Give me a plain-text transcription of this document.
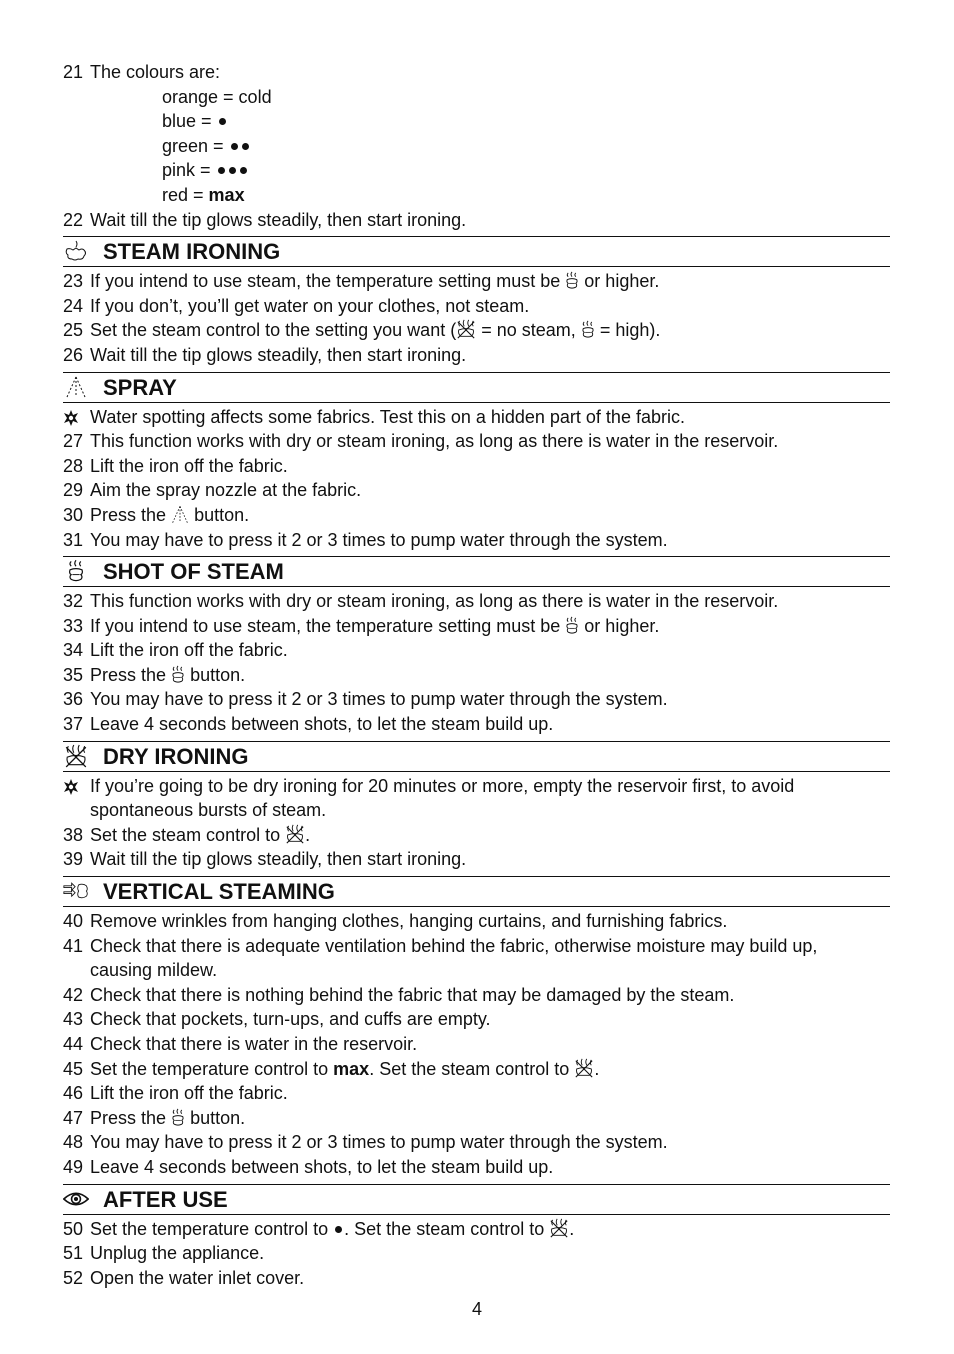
21 The colours are:
orange = cold
blue =
green =
pink =
red = max
22 Wait till the tip glows steadily, then start ironing.
STEAM IRONING
23 If you intend to use steam, the temperature setting must be or higher.
24 If you don’t, you’ll get water on your clothes, not steam.
25 Set the steam control to the setting you want ( = no steam, = high).
26 Wait till the tip glows steadily, then start ironing.
SPRAY
Water spotting affects some fabrics. Test this on a hidden part of the fabric.
27 This function works with dry or steam ironing, as long as there is water in the reservoir.
28 Lift the iron off the fabric.
29 Aim the spray nozzle at the fabric.
30 Press the button.
31 You may have to press it 2 or 3 times to pump water through the system.
SHOT OF STEAM
32 This function works with dry or steam ironing, as long as there is water in the reservoir.
33 If you intend to use steam, the temperature setting must be or higher.
34 Lift the iron off the fabric.
35 Press the button.
36 You may have to press it 2 or 3 times to pump water through the system.
37 Leave 4 seconds between shots, to let the steam build up.
DRY IRONING
If you’re going to be dry ironing for 20 minutes or more, empty the reservoir first, to avoid
spontaneous bursts of steam.
38 Set the steam control to .
39 Wait till the tip glows steadily, then start ironing.
VERTICAL STEAMING
40 Remove wrinkles from hanging clothes, hanging curtains, and furnishing fabrics.
41 Check that there is adequate ventilation behind the fabric, otherwise moisture may build up,
causing mildew.
42 Check that there is nothing behind the fabric that may be damaged by the steam.
43 Check that pockets, turn-ups, and cuffs are empty.
44 Check that there is water in the reservoir.
45 Set the temperature control to max. Set the steam control to .
46 Lift the iron off the fabric.
47 Press the button.
48 You may have to press it 2 or 3 times to pump water through the system.
49 Leave 4 seconds between shots, to let the steam build up.
AFTER USE
50 Set the temperature control to . Set the steam control to .
51 Unplug the appliance.
52 Open the water inlet cover.
4
